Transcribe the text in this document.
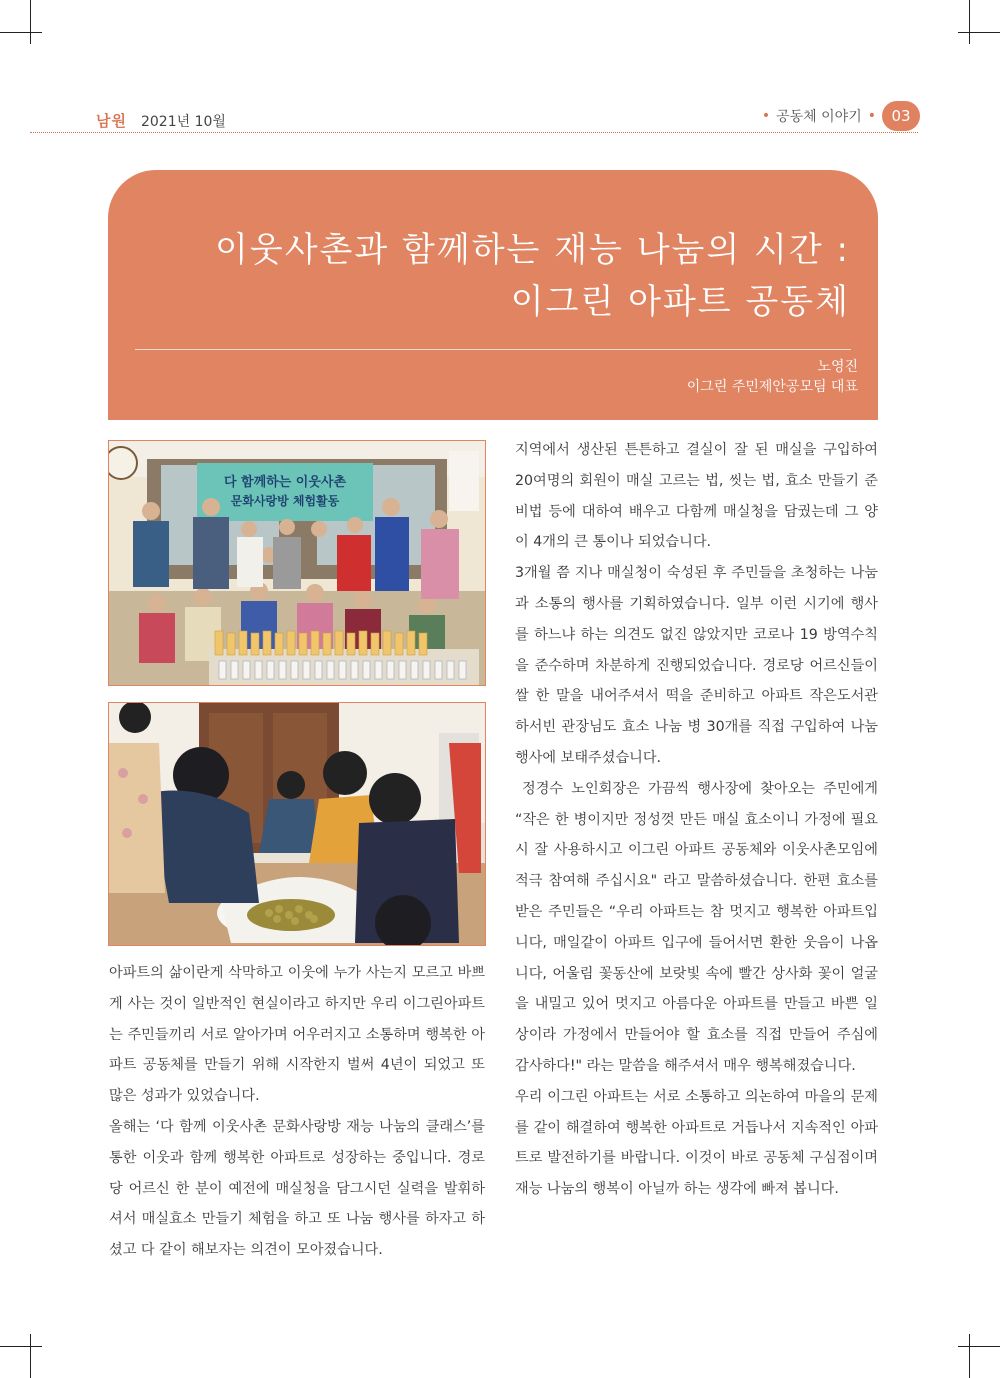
남원 2021년 10월	• 공동체 이야기 •	03
이웃사촌과 함께하는 재능 나눔의 시간 :
이그린 아파트 공동체
노영진
이그린 주민제안공모팀 대표
다 함께하는 이웃사촌
문화사랑방 체험활동

아파트의 삶이란게 삭막하고 이웃에 누가 사는지 모르고 바쁘게 사는 것이 일반적인 현실이라고 하지만 우리 이그린아파트는 주민들끼리 서로 알아가며 어우러지고 소통하며 행복한 아파트 공동체를 만들기 위해 시작한지 벌써 4년이 되었고 또 많은 성과가 있었습니다.

올해는 ‘다 함께 이웃사촌 문화사랑방 재능 나눔의 클래스’를 통한 이웃과 함께 행복한 아파트로 성장하는 중입니다. 경로당 어르신 한 분이 예전에 매실청을 담그시던 실력을 발휘하셔서 매실효소 만들기 체험을 하고 또 나눔 행사를 하자고 하셨고 다 같이 해보자는 의견이 모아졌습니다.

지역에서 생산된 튼튼하고 결실이 잘 된 매실을 구입하여 20여명의 회원이 매실 고르는 법, 씻는 법, 효소 만들기 준비법 등에 대하여 배우고 다함께 매실청을 담궜는데 그 양이 4개의 큰 통이나 되었습니다.

3개월 쯤 지나 매실청이 숙성된 후 주민들을 초청하는 나눔과 소통의 행사를 기획하였습니다. 일부 이런 시기에 행사를 하느냐 하는 의견도 없진 않았지만 코로나 19 방역수칙을 준수하며 차분하게 진행되었습니다. 경로당 어르신들이 쌀 한 말을 내어주셔서 떡을 준비하고 아파트 작은도서관 하서빈 관장님도 효소 나눔 병 30개를 직접 구입하여 나눔행사에 보태주셨습니다.

정경수 노인회장은 가끔씩 행사장에 찾아오는 주민에게 “작은 한 병이지만 정성껏 만든 매실 효소이니 가정에 필요시 잘 사용하시고 이그린 아파트 공동체와 이웃사촌모임에 적극 참여해 주십시요" 라고 말씀하셨습니다. 한편 효소를 받은 주민들은 “우리 아파트는 참 멋지고 행복한 아파트입니다, 매일같이 아파트 입구에 들어서면 환한 웃음이 나옵니다, 어울림 꽃동산에 보랏빛 속에 빨간 상사화 꽃이 얼굴을 내밀고 있어 멋지고 아름다운 아파트를 만들고 바쁜 일상이라 가정에서 만들어야 할 효소를 직접 만들어 주심에 감사하다!" 라는 말씀을 해주셔서 매우 행복해졌습니다.

우리 이그린 아파트는 서로 소통하고 의논하여 마을의 문제를 같이 해결하여 행복한 아파트로 거듭나서 지속적인 아파트로 발전하기를 바랍니다. 이것이 바로 공동체 구심점이며 재능 나눔의 행복이 아닐까 하는 생각에 빠져 봅니다.
